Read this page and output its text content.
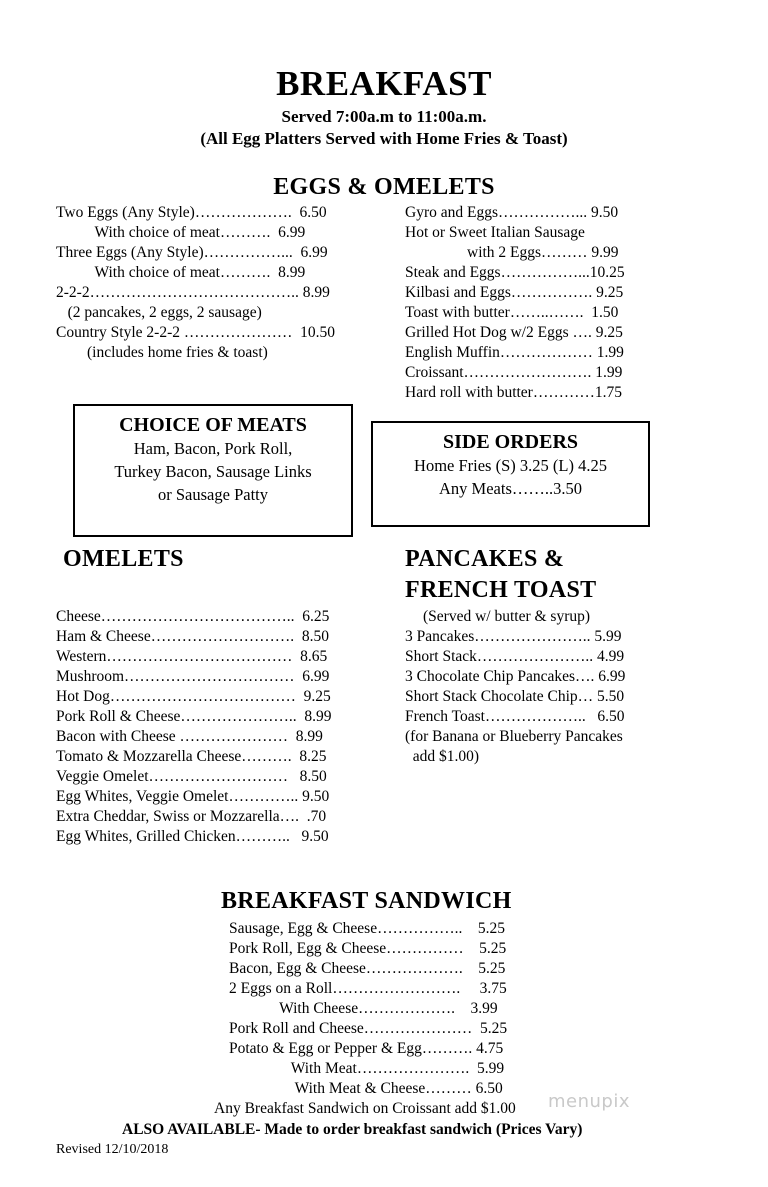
BREAKFAST
Served 7:00a.m to 11:00a.m.
(All Egg Platters Served with Home Fries & Toast)
EGGS & OMELETS
Two Eggs (Any Style)……………….  6.50
With choice of meat……….  6.99
Three Eggs (Any Style)……………...  6.99
With choice of meat……….  8.99
2-2-2………………………………….. 8.99
(2 pancakes, 2 eggs, 2 sausage)
Country Style 2-2-2 …………………  10.50
(includes home fries & toast)
Gyro and Eggs……………... 9.50
Hot or Sweet Italian Sausage
with 2 Eggs……… 9.99
Steak and Eggs……………...10.25
Kilbasi and Eggs……………. 9.25
Toast with butter……..…….  1.50
Grilled Hot Dog w/2 Eggs …. 9.25
English Muffin……………… 1.99
Croissant……………………. 1.99
Hard roll with butter…………1.75
CHOICE OF MEATS
Ham, Bacon, Pork Roll,
Turkey Bacon, Sausage Links
or Sausage Patty
SIDE ORDERS
Home Fries (S) 3.25 (L) 4.25
Any Meats……..3.50
OMELETS	PANCAKES &
FRENCH TOAST
Cheese………………………………..  6.25
Ham & Cheese……………………….  8.50
Western………………………………  8.65
Mushroom……………………………  6.99
Hot Dog………………………………  9.25
Pork Roll & Cheese…………………..  8.99
Bacon with Cheese …………………  8.99
Tomato & Mozzarella Cheese……….  8.25
Veggie Omelet………………………   8.50
Egg Whites, Veggie Omelet………….. 9.50
Extra Cheddar, Swiss or Mozzarella….  .70
Egg Whites, Grilled Chicken………..   9.50
(Served w/ butter & syrup)
3 Pancakes………………….. 5.99
Short Stack………………….. 4.99
3 Chocolate Chip Pancakes…. 6.99
Short Stack Chocolate Chip… 5.50
French Toast………………..   6.50
(for Banana or Blueberry Pancakes
add $1.00)
BREAKFAST SANDWICH
Sausage, Egg & Cheese……………..    5.25
Pork Roll, Egg & Cheese……………    5.25
Bacon, Egg & Cheese……………….    5.25
2 Eggs on a Roll…………………….     3.75
With Cheese……………….    3.99
Pork Roll and Cheese…………………  5.25
Potato & Egg or Pepper & Egg………. 4.75
With Meat………………….  5.99
With Meat & Cheese……… 6.50
Any Breakfast Sandwich on Croissant add $1.00
ALSO AVAILABLE- Made to order breakfast sandwich (Prices Vary)
Revised 12/10/2018
menupix
